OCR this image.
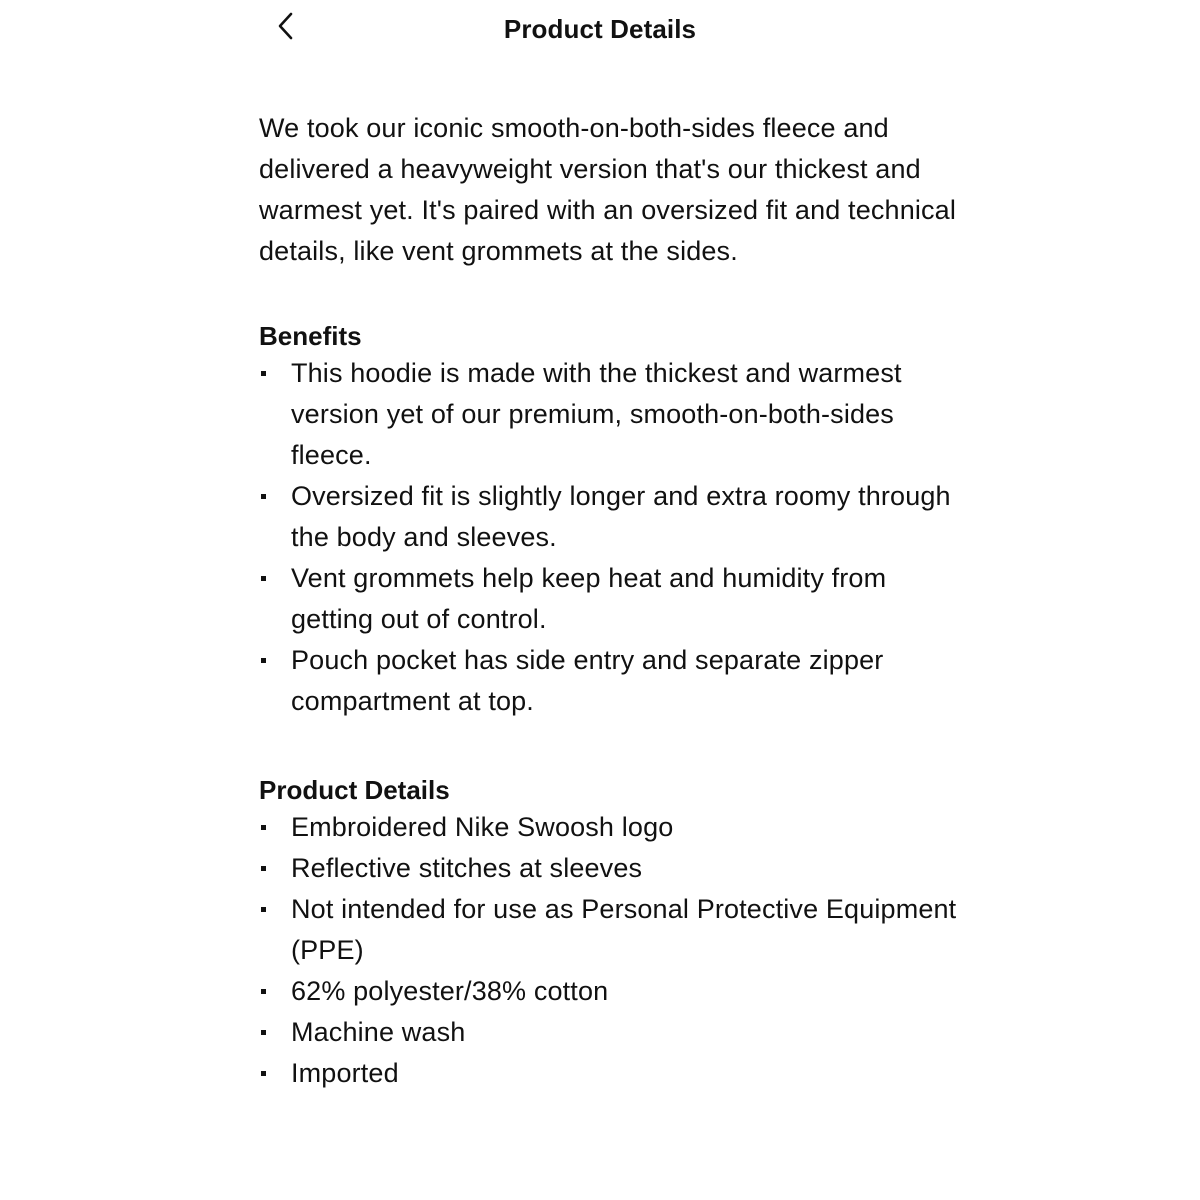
Product Details

We took our iconic smooth-on-both-sides fleece and delivered a heavyweight version that's our thickest and warmest yet. It's paired with an oversized fit and technical details, like vent grommets at the sides.

Benefits
This hoodie is made with the thickest and warmest version yet of our premium, smooth-on-both-sides fleece.
Oversized fit is slightly longer and extra roomy through the body and sleeves.
Vent grommets help keep heat and humidity from getting out of control.
Pouch pocket has side entry and separate zipper compartment at top.
Product Details
Embroidered Nike Swoosh logo
Reflective stitches at sleeves
Not intended for use as Personal Protective Equipment (PPE)
62% polyester/38% cotton
Machine wash
Imported
